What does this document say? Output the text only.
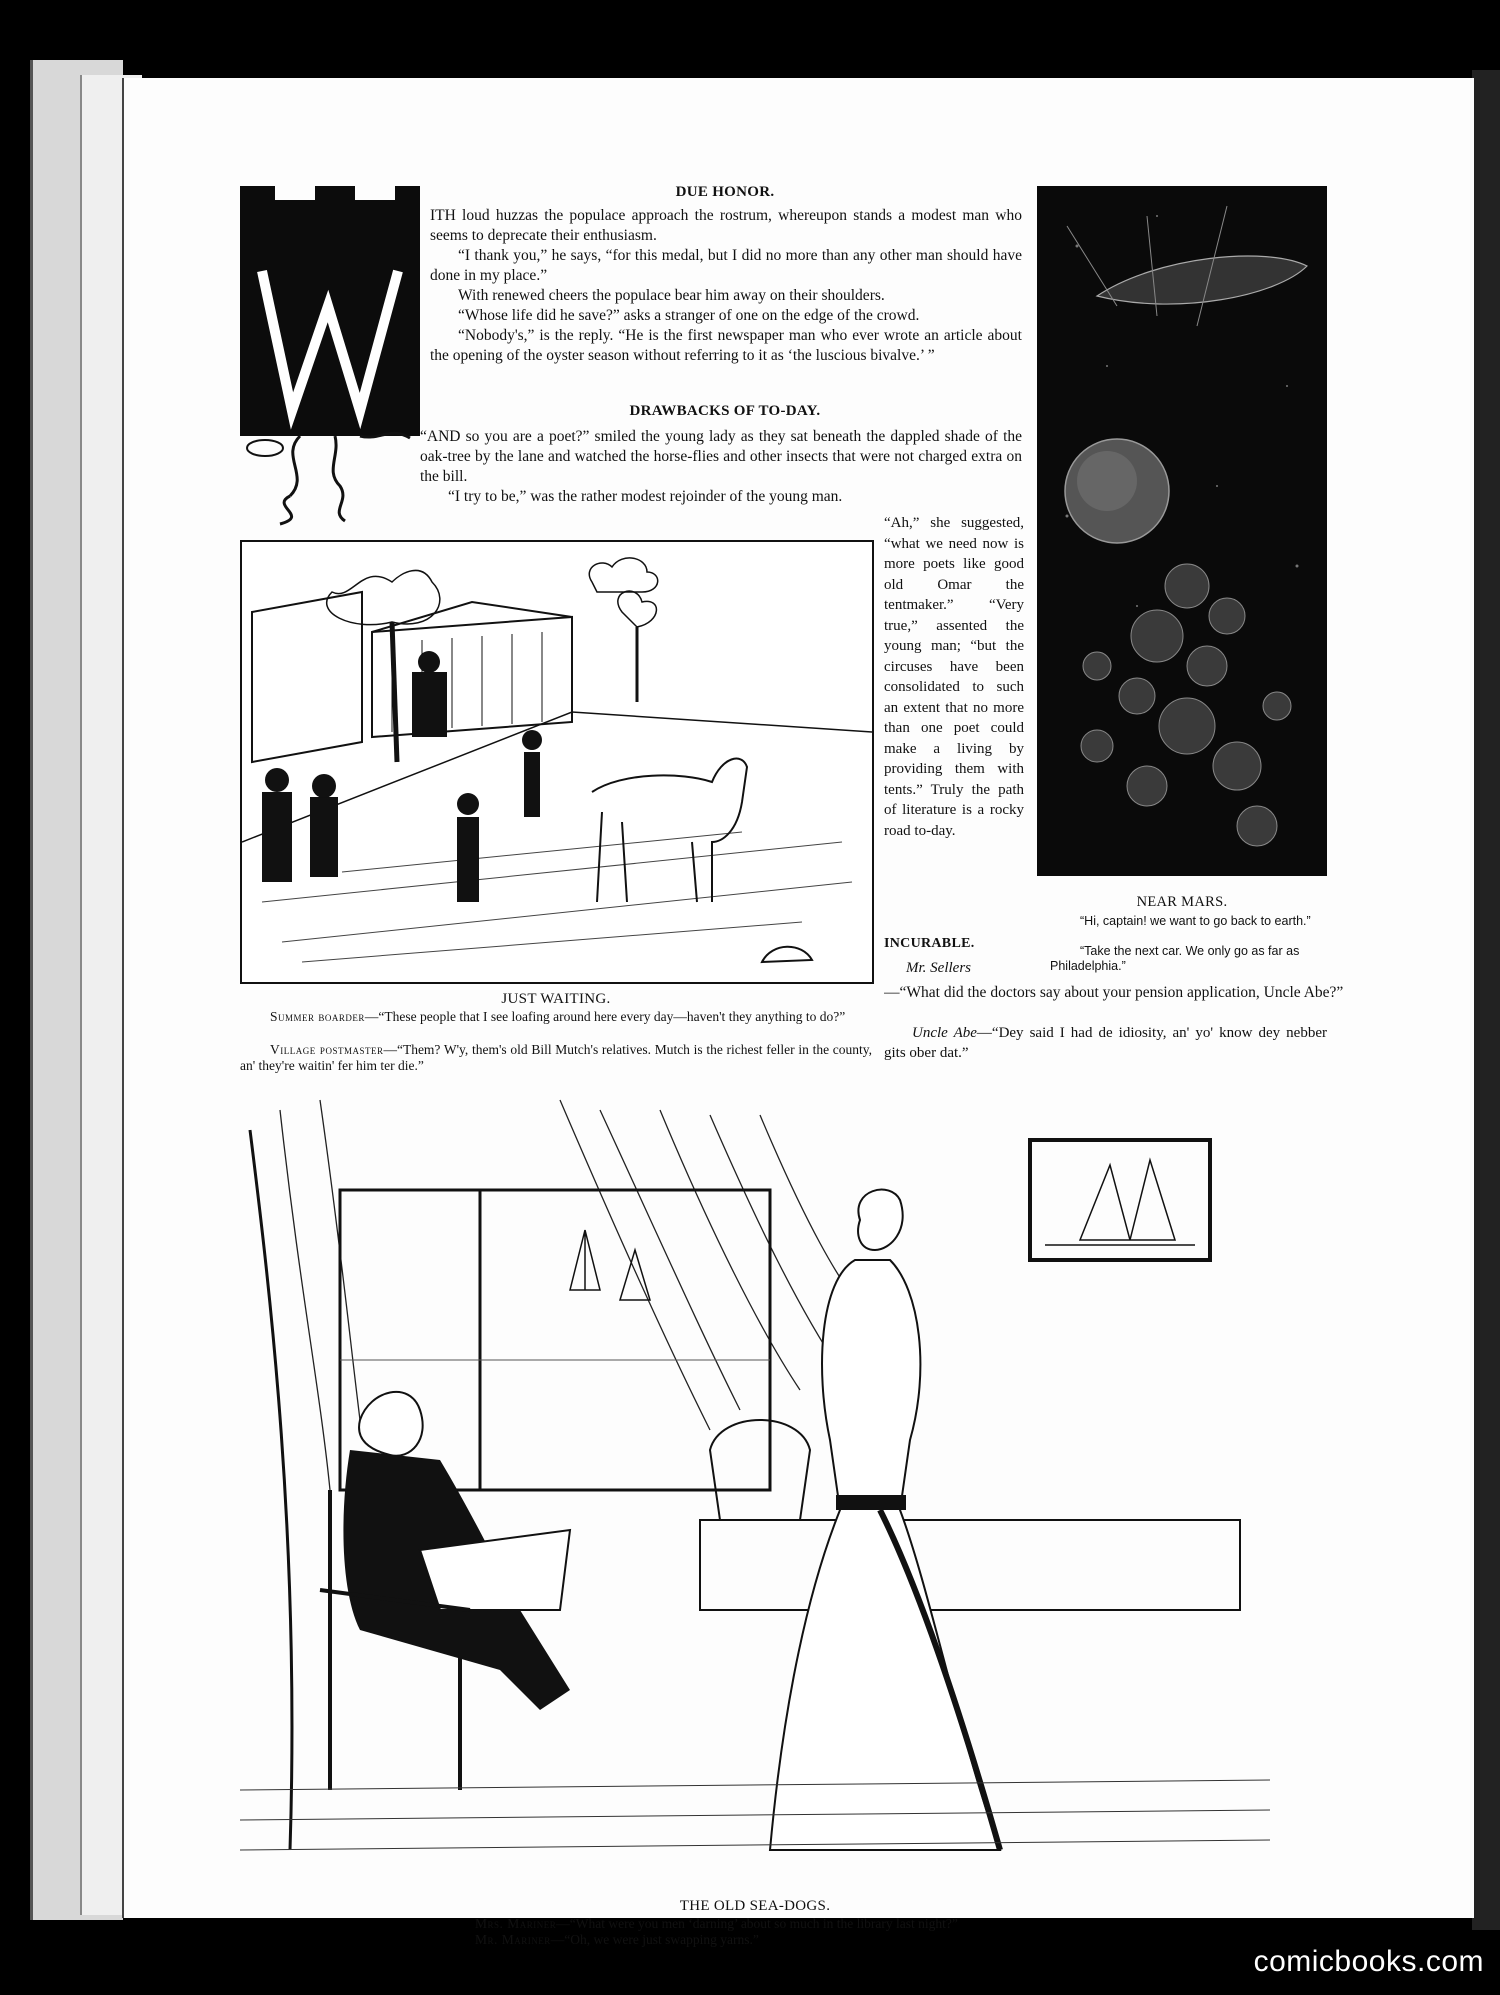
DUE HONOR.
W	ITH loud huzzas the populace approach the rostrum, whereupon stands a modest man who seems to deprecate their enthusiasm.

“I thank you,” he says, “for this medal, but I did no more than any other man should have done in my place.”

With renewed cheers the populace bear him away on their shoulders.

“Whose life did he save?” asks a stranger of one on the edge of the crowd.

“Nobody's,” is the reply. “He is the first newspaper man who ever wrote an article about the opening of the oyster season without referring to it as ‘the luscious bivalve.’ ”

DRAWBACKS OF TO-DAY.

“AND so you are a poet?” smiled the young lady as they sat beneath the dappled shade of the oak-tree by the lane and watched the horse-flies and other insects that were not charged extra on the bill.

“I try to be,” was the rather modest rejoinder of the young man.

“Ah,” she suggested, “what we need now is more poets like good old Omar the tentmaker.” “Very true,” assented the young man; “but the circuses have been consolidated to such an extent that no more than one poet could make a living by providing them with tents.” Truly the path of literature is a rocky road to-day.
JUST WAITING.
Summer boarder—“These people that I see loafing around here every day—haven't they anything to do?”
Village postmaster—“Them? W'y, them's old Bill Mutch's relatives. Mutch is the richest feller in the county, an' they're waitin' fer him ter die.”
INCURABLE.
Mr. Sellers
—“What did the doctors say about your pension application, Uncle Abe?”
Uncle Abe—“Dey said I had de idiosity, an' yo' know dey nebber gits ober dat.”
NEAR MARS.
“Hi, captain! we want to go back to earth.”
“Take the next car. We only go as far as Philadelphia.”
THE OLD SEA-DOGS.
Mrs. Mariner—“What were you men ‘darning’ about so much in the library last night?”
Mr. Mariner—“Oh, we were just swapping yarns.”
comicbooks.com
